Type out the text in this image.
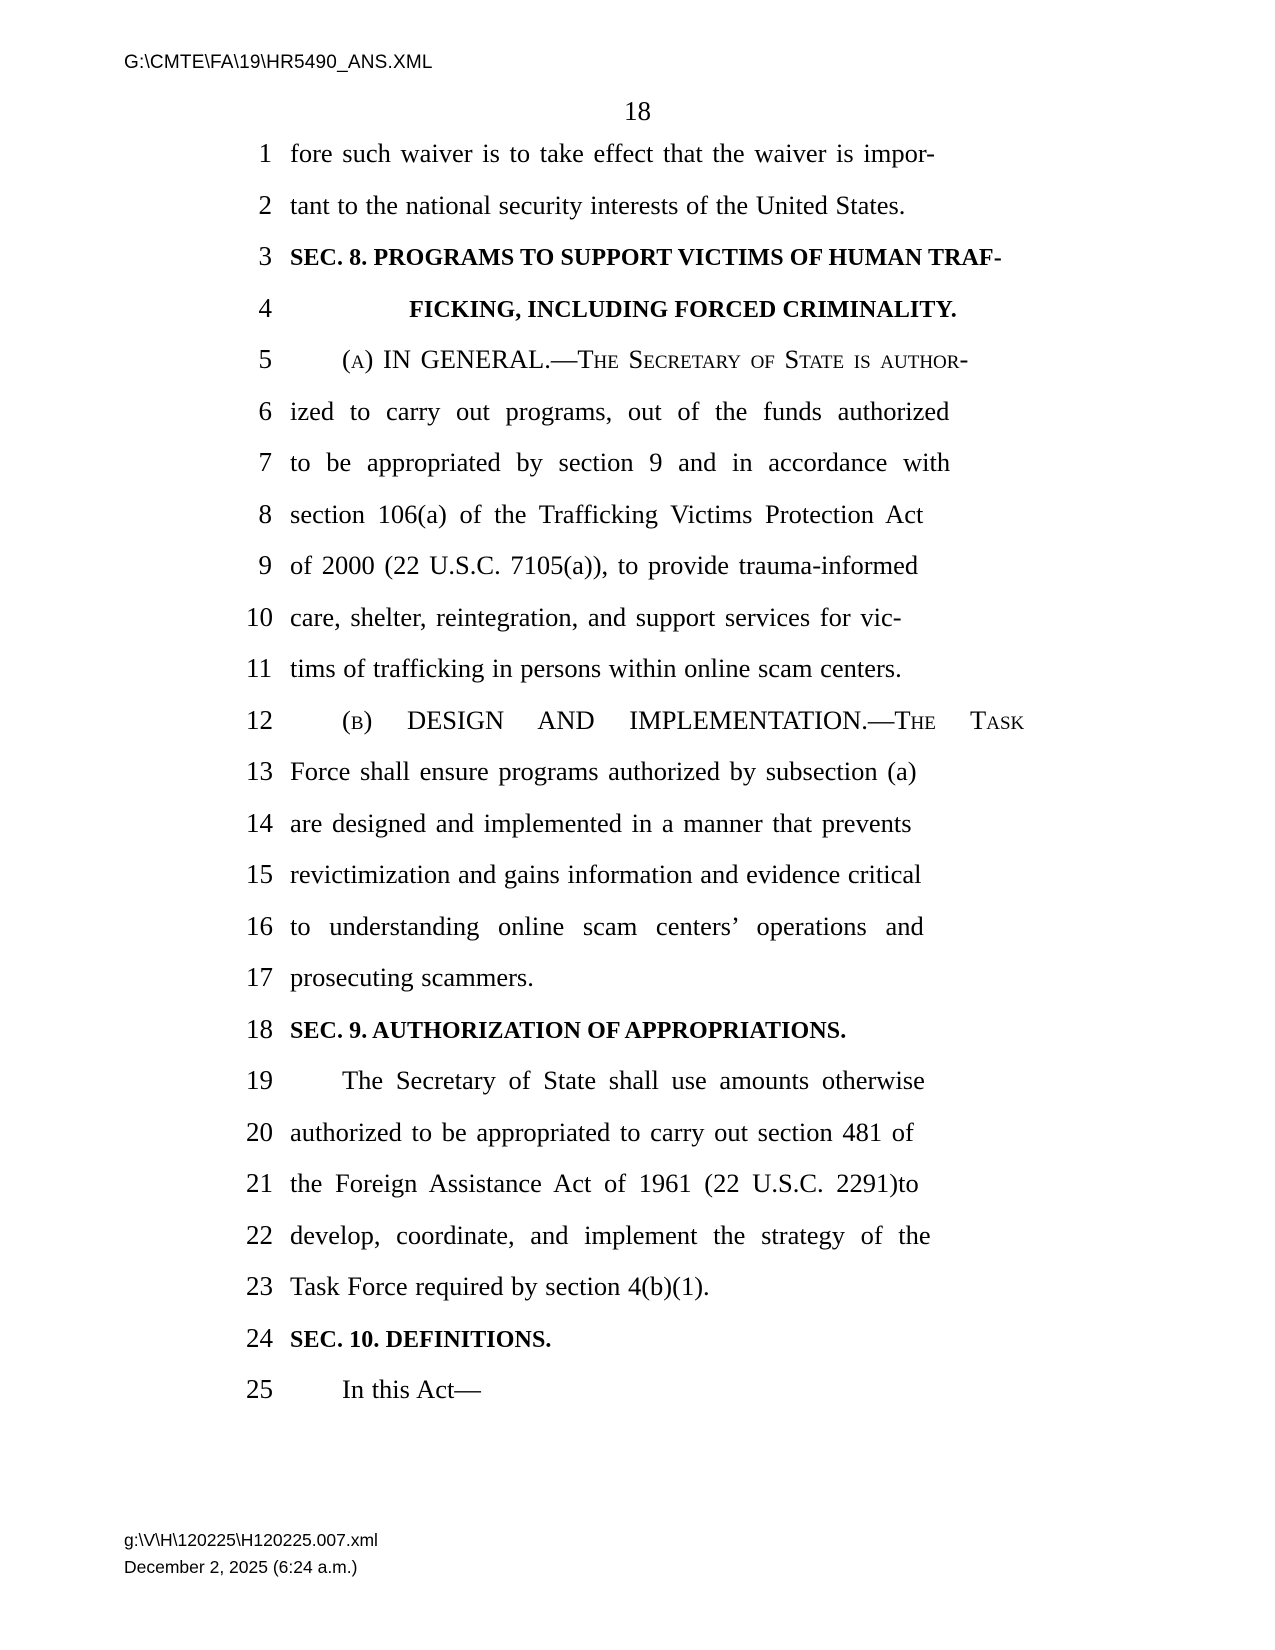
G:\CMTE\FA\19\HR5490_ANS.XML
18
1 fore such waiver is to take effect that the waiver is impor-
2 tant to the national security interests of the United States.
3 SEC. 8. PROGRAMS TO SUPPORT VICTIMS OF HUMAN TRAF-
4	FICKING, INCLUDING FORCED CRIMINALITY.
5	(a) IN GENERAL.—The Secretary of State is author-
6 ized to carry out programs, out of the funds authorized
7 to be appropriated by section 9 and in accordance with
8 section 106(a) of the Trafficking Victims Protection Act
9 of 2000 (22 U.S.C. 7105(a)), to provide trauma-informed
10 care, shelter, reintegration, and support services for vic-
11 tims of trafficking in persons within online scam centers.
12	(b) DESIGN AND IMPLEMENTATION.—The Task
13 Force shall ensure programs authorized by subsection (a)
14 are designed and implemented in a manner that prevents
15 revictimization and gains information and evidence critical
16 to understanding online scam centers’ operations and
17 prosecuting scammers.
18 SEC. 9. AUTHORIZATION OF APPROPRIATIONS.
19	The Secretary of State shall use amounts otherwise
20 authorized to be appropriated to carry out section 481 of
21 the Foreign Assistance Act of 1961 (22 U.S.C. 2291)to
22 develop, coordinate, and implement the strategy of the
23 Task Force required by section 4(b)(1).
24 SEC. 10. DEFINITIONS.
25	In this Act—
g:\V\H\120225\H120225.007.xml
December 2, 2025 (6:24 a.m.)
